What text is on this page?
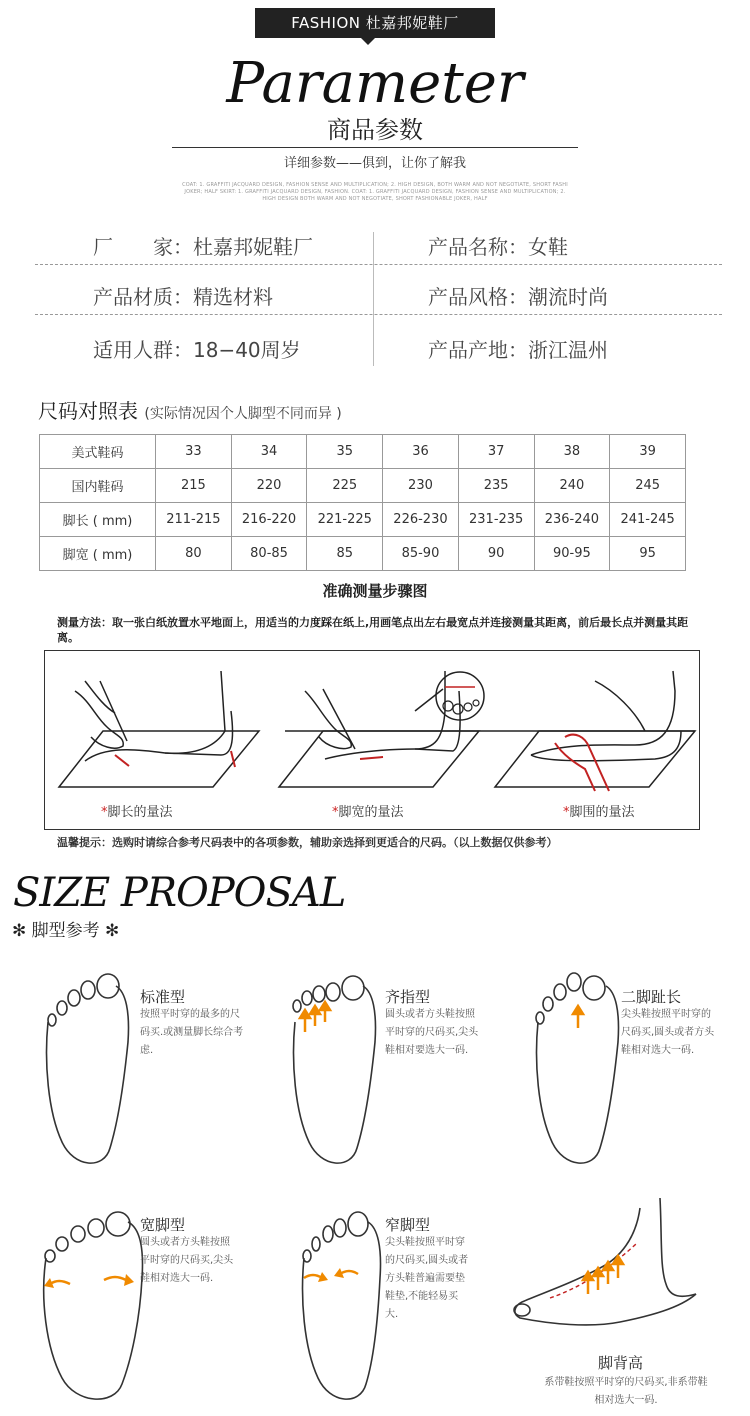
FASHION 杜嘉邦妮鞋厂
Parameter
商品参数
详细参数——俱到，让你了解我
COAT: 1. GRAFFITI JACQUARD DESIGN, FASHION SENSE AND MULTIPLICATION; 2. HIGH DESIGN, BOTH WARM AND NOT NEGOTIATE, SHORT FASHI JOKER; HALF SKIRT: 1. GRAFFITI JACQUARD DESIGN, FASHION. COAT: 1. GRAFFITI JACQUARD DESIGN, FASHION SENSE AND MULTIPLICATION; 2. HIGH DESIGN BOTH WARM AND NOT NEGOTIATE, SHORT FASHIONABLE JOKER, HALF
厂　　家：杜嘉邦妮鞋厂	产品名称：女鞋
产品材质：精选材料	产品风格：潮流时尚
适用人群：18−40周岁	产品产地：浙江温州
尺码对照表 (实际情况因个人脚型不同而异 )
美式鞋码	33	34	35	36	37	38	39
国内鞋码	215	220	225	230	235	240	245
脚长 ( mm)	211-215	216-220	221-225	226-230	231-235	236-240	241-245
脚宽 ( mm)	80	80-85	85	85-90	90	90-95	95
准确测量步骤图
测量方法：取一张白纸放置水平地面上，用适当的力度踩在纸上,用画笔点出左右最宽点并连接测量其距离，前后最长点并测量其距离。
*脚长的量法	*脚宽的量法	*脚围的量法
温馨提示：选购时请综合参考尺码表中的各项参数，辅助亲选择到更适合的尺码。（以上数据仅供参考）
SIZE PROPOSAL
✻ 脚型参考 ✻
标准型
按照平时穿的最多的尺
码买.或测量脚长综合考
虑.
齐指型
圆头或者方头鞋按照
平时穿的尺码买,尖头
鞋相对要选大一码.
二脚趾长
尖头鞋按照平时穿的
尺码买,圆头或者方头
鞋相对选大一码.
宽脚型
圆头或者方头鞋按照
平时穿的尺码买,尖头
鞋相对选大一码.
窄脚型
尖头鞋按照平时穿
的尺码买,圆头或者
方头鞋普遍需要垫
鞋垫,不能轻易买
大.
脚背高
系带鞋按照平时穿的尺码买,非系带鞋
相对选大一码.
